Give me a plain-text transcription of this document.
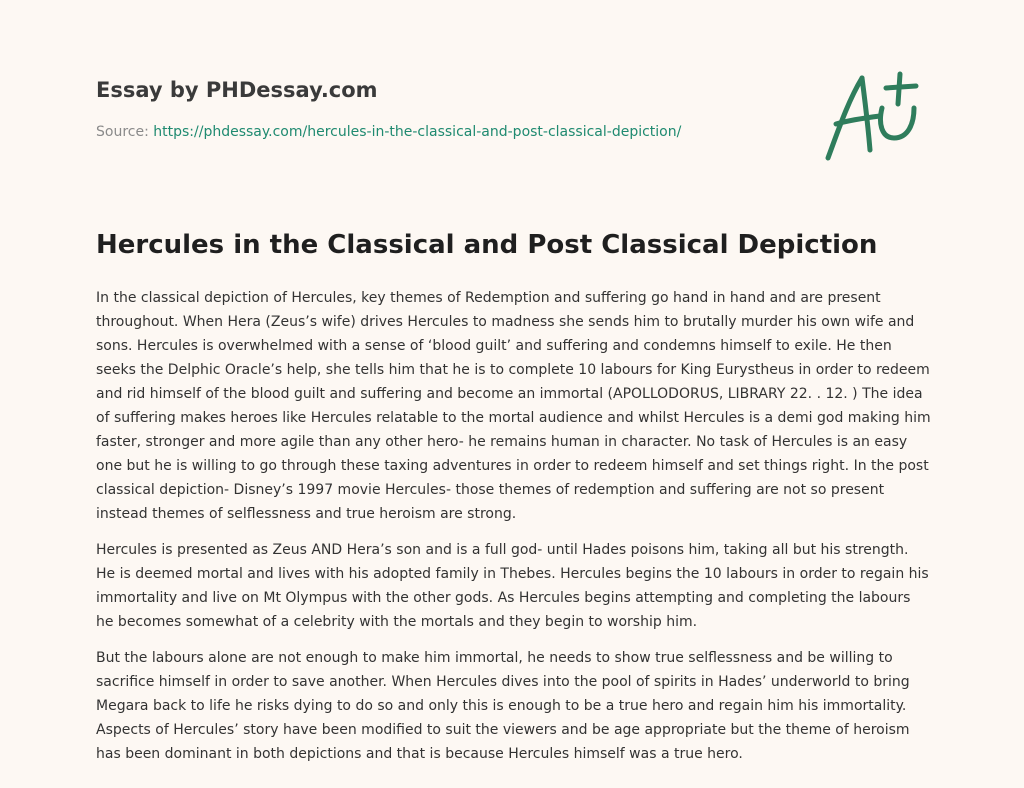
Essay by PHDessay.com
Source: https://phdessay.com/hercules-in-the-classical-and-post-classical-depiction/
Hercules in the Classical and Post Classical Depiction

In the classical depiction of Hercules, key themes of Redemption and suffering go hand in hand and are present throughout. When Hera (Zeus’s wife) drives Hercules to madness she sends him to brutally murder his own wife and sons. Hercules is overwhelmed with a sense of ‘blood guilt’ and suffering and condemns himself to exile. He then seeks the Delphic Oracle’s help, she tells him that he is to complete 10 labours for King Eurystheus in order to redeem and rid himself of the blood guilt and suffering and become an immortal (APOLLODORUS, LIBRARY 22. . 12. ) The idea of suffering makes heroes like Hercules relatable to the mortal audience and whilst Hercules is a demi god making him faster, stronger and more agile than any other hero- he remains human in character. No task of Hercules is an easy one but he is willing to go through these taxing adventures in order to redeem himself and set things right. In the post classical depiction- Disney’s 1997 movie Hercules- those themes of redemption and suffering are not so present instead themes of selflessness and true heroism are strong.

Hercules is presented as Zeus AND Hera’s son and is a full god- until Hades poisons him, taking all but his strength. He is deemed mortal and lives with his adopted family in Thebes. Hercules begins the 10 labours in order to regain his immortality and live on Mt Olympus with the other gods. As Hercules begins attempting and completing the labours he becomes somewhat of a celebrity with the mortals and they begin to worship him.

But the labours alone are not enough to make him immortal, he needs to show true selflessness and be willing to sacrifice himself in order to save another. When Hercules dives into the pool of spirits in Hades’ underworld to bring Megara back to life he risks dying to do so and only this is enough to be a true hero and regain him his immortality. Aspects of Hercules’ story have been modified to suit the viewers and be age appropriate but the theme of heroism has been dominant in both depictions and that is because Hercules himself was a true hero.
